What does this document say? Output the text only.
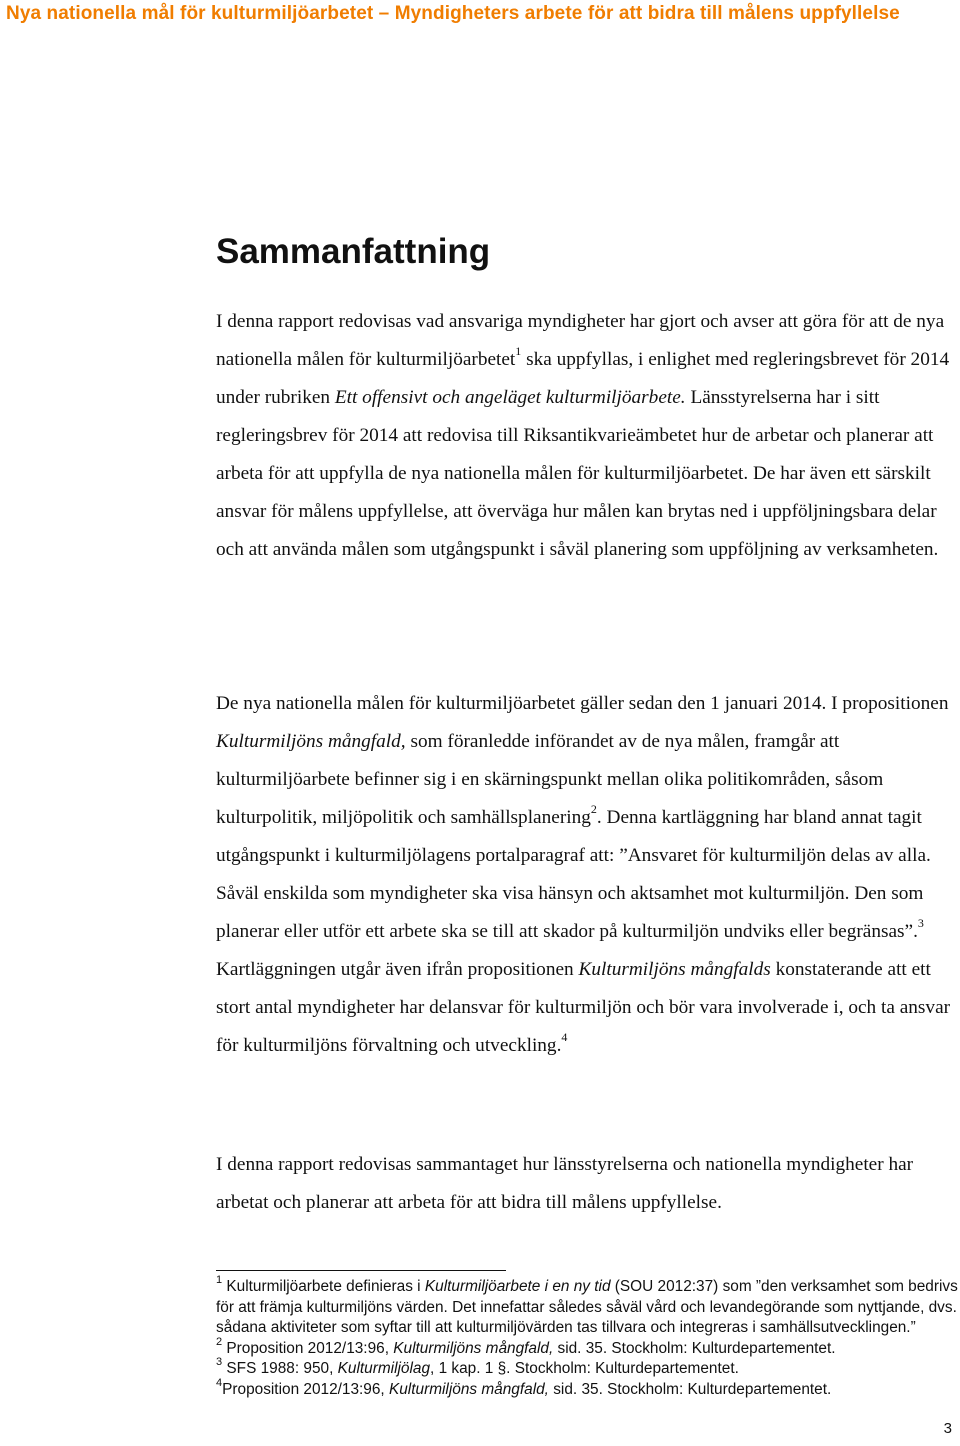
Nya nationella mål för kulturmiljöarbetet – Myndigheters arbete för att bidra till målens uppfyllelse
Sammanfattning

I denna rapport redovisas vad ansvariga myndigheter har gjort och avser att göra för att de nya nationella målen för kulturmiljöarbetet$^1$ ska uppfyllas, i enlighet med regleringsbrevet för 2014 under rubriken Ett offensivt och angeläget kulturmiljöarbete. Länsstyrelserna har i sitt regleringsbrev för 2014 att redovisa till Riksantikvarieämbetet hur de arbetar och planerar att arbeta för att uppfylla de nya nationella målen för kulturmiljöarbetet. De har även ett särskilt ansvar för målens uppfyllelse, att överväga hur målen kan brytas ned i uppföljningsbara delar och att använda målen som utgångspunkt i såväl planering som uppföljning av verksamheten.

De nya nationella målen för kulturmiljöarbetet gäller sedan den 1 januari 2014. I propositionen Kulturmiljöns mångfald, som föranledde införandet av de nya målen, framgår att kulturmiljöarbete befinner sig i en skärningspunkt mellan olika politikområden, såsom kulturpolitik, miljöpolitik och samhällsplanering$^2$. Denna kartläggning har bland annat tagit utgångspunkt i kulturmiljölagens portalparagraf att: ”Ansvaret för kulturmiljön delas av alla. Såväl enskilda som myndigheter ska visa hänsyn och aktsamhet mot kulturmiljön. Den som planerar eller utför ett arbete ska se till att skador på kulturmiljön undviks eller begränsas”.$^3$ Kartläggningen utgår även ifrån propositionen Kulturmiljöns mångfalds konstaterande att ett stort antal myndigheter har delansvar för kulturmiljön och bör vara involverade i, och ta ansvar för kulturmiljöns förvaltning och utveckling.$^4$

I denna rapport redovisas sammantaget hur länsstyrelserna och nationella myndigheter har arbetat och planerar att arbeta för att bidra till målens uppfyllelse.

$^1$ Kulturmiljöarbete definieras i Kulturmiljöarbete i en ny tid (SOU 2012:37) som ”den verksamhet som bedrivs för att främja kulturmiljöns värden. Det innefattar således såväl vård och levandegörande som nyttjande, dvs. sådana aktiviteter som syftar till att kulturmiljövärden tas tillvara och integreras i samhällsutvecklingen.”

$^2$ Proposition 2012/13:96, Kulturmiljöns mångfald, sid. 35. Stockholm: Kulturdepartementet.

$^3$ SFS 1988: 950, Kulturmiljölag, 1 kap. 1 §. Stockholm: Kulturdepartementet.

$^4$Proposition 2012/13:96, Kulturmiljöns mångfald, sid. 35. Stockholm: Kulturdepartementet.

3
